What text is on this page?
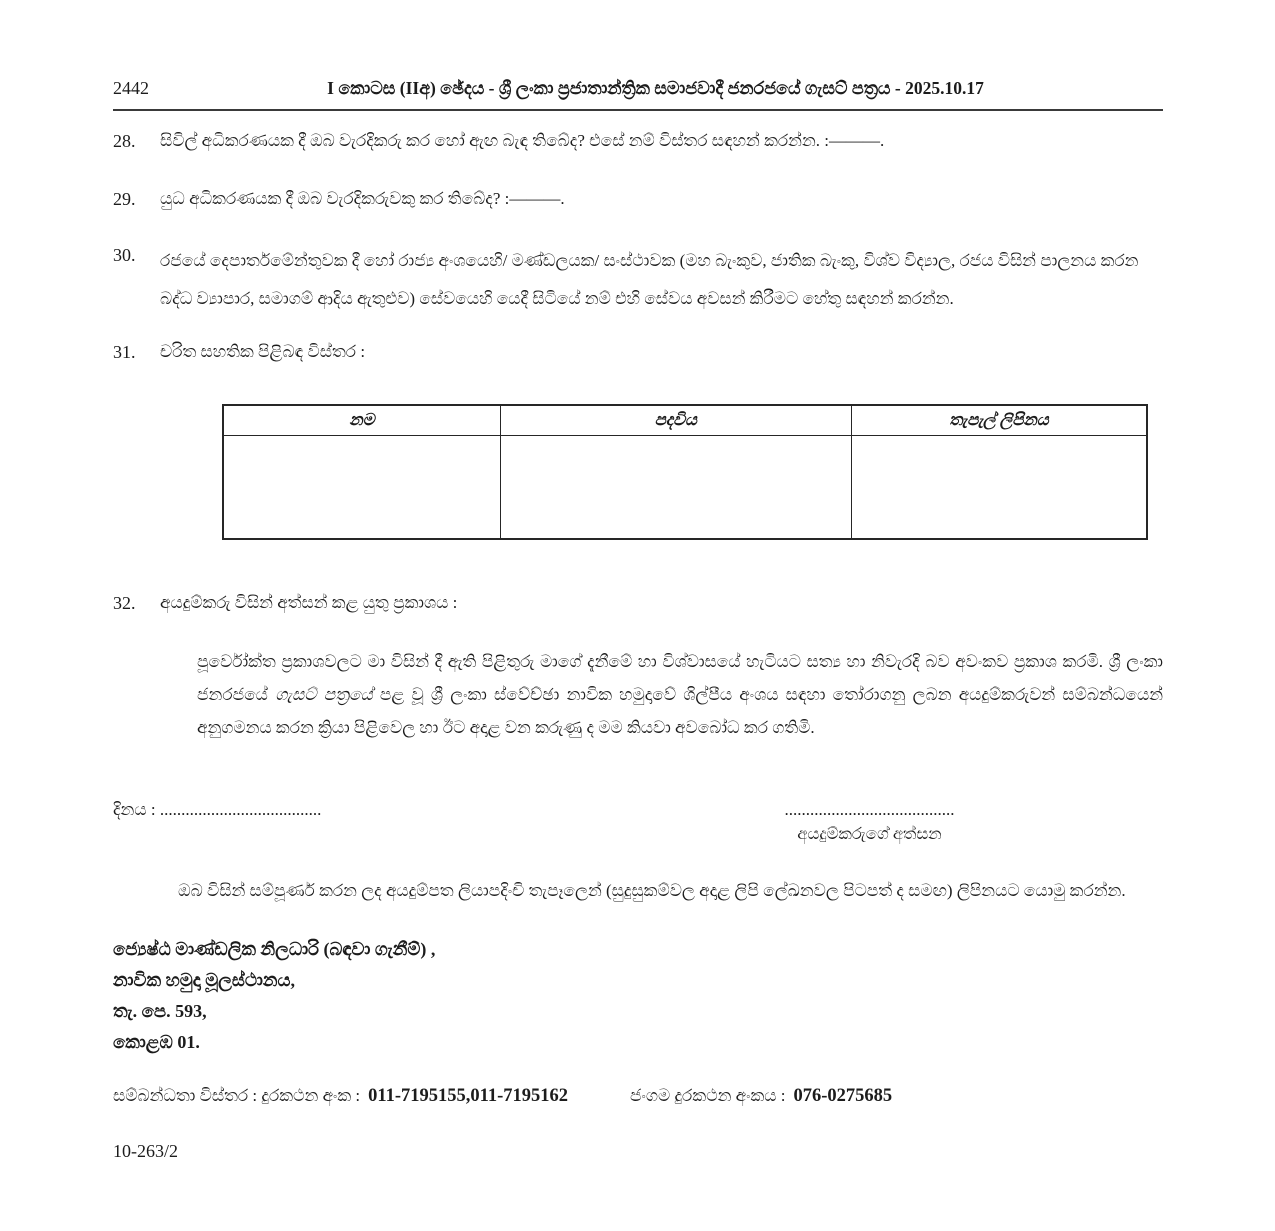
2442	I කොටස (IIඅ) ඡේදය - ශ්‍රී ලංකා ප්‍රජාතාන්ත්‍රික සමාජවාදී ජනරජයේ ගැසට් පත්‍රය - 2025.10.17
28.	සිවිල් අධිකරණයක දී ඔබ වැරදිකරු කර හෝ ඇඟ බැඳ තිබේද? එසේ නම් විස්තර සඳහන් කරන්න. :———.
29.	යුධ අධිකරණයක දී ඔබ වැරදිකරුවකු කර තිබේද? :———.
30.	රජයේ දෙපාර්තමේන්තුවක දී හෝ රාජ්‍ය අංශයෙහි/ මණ්ඩලයක/ සංස්ථාවක (මහ බැංකුව, ජාතික බැංකු, විශ්ව විද්‍යාල, රජය විසින් පාලනය කරන බද්ධ ව්‍යාපාර, සමාගම් ආදිය ඇතුළුව) සේවයෙහි යෙදී සිටියේ නම් එහි සේවය අවසන් කිරීමට හේතු සඳහන් කරන්න.
31.	චරිත සහතික පිළිබඳ විස්තර :
නම	පදවිය	තැපැල් ලිපිනය

32.	අයදුම්කරු විසින් අත්සන් කළ යුතු ප්‍රකාශය :
පූර්වෝක්ත ප්‍රකාශවලට මා විසින් දී ඇති පිළිතුරු මාගේ දැනීමේ හා විශ්වාසයේ හැටියට සත්‍ය හා නිවැරදි බව අවංකව ප්‍රකාශ කරමි. ශ්‍රී ලංකා ජනරජයේ ගැසට් පත්‍රයේ පළ වූ ශ්‍රී ලංකා ස්වේච්ඡා නාවික හමුදාවේ ශිල්පීය අංශය සඳහා තෝරාගනු ලබන අයදුම්කරුවන් සම්බන්ධයෙන් අනුගමනය කරන ක්‍රියා පිළිවෙල හා ඊට අදාළ වන කරුණු ද මම කියවා අවබෝධ කර ගතිමි.
දිනය : ......................................	........................................
අයදුම්කරුගේ අත්සන
ඔබ විසින් සම්පූර්ණ කරන ලද අයදුම්පත ලියාපදිංචි තැපෑලෙන් (සුදුසුකම්වල අදාළ ලිපි ලේඛනවල පිටපත් ද සමඟ) ලිපිනයට යොමු කරන්න.
ජ්‍යෙෂ්ඨ මාණ්ඩලික නිලධාරි (බඳවා ගැනීම්) ,
නාවික හමුදා මූලස්ථානය,
තැ. පෙ. 593,
කොළඹ 01.
සම්බන්ධතා විස්තර : දුරකථන අංක : 011-7195155,011-7195162	ජංගම දුරකථන අංකය : 076-0275685
10-263/2
